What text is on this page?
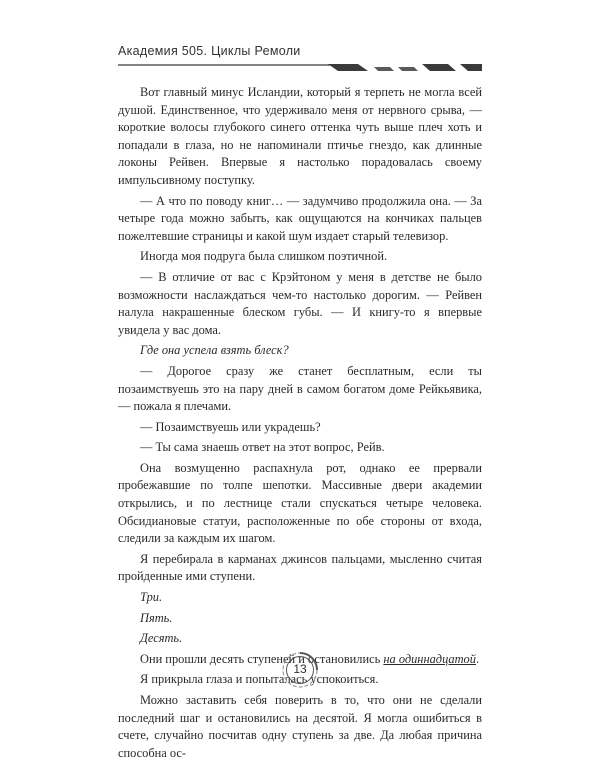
Академия 505. Циклы Ремоли

Вот главный минус Исландии, который я терпеть не могла всей душой. Единственное, что удерживало меня от нервного срыва, — короткие волосы глубокого синего оттенка чуть выше плеч хоть и попадали в глаза, но не напоминали птичье гнездо, как длинные локоны Рейвен. Впервые я настолько порадовалась своему импульсивному поступку.

— А что по поводу книг… — задумчиво продолжила она. — За четыре года можно забыть, как ощущаются на кончиках пальцев пожелтевшие страницы и какой шум издает старый телевизор.

Иногда моя подруга была слишком поэтичной.

— В отличие от вас с Крэйтоном у меня в детстве не было возможности наслаждаться чем-то настолько дорогим. — Рейвен налула накрашенные блеском губы. — И книгу-то я впервые увидела у вас дома.

Где она успела взять блеск?

— Дорогое сразу же станет бесплатным, если ты позаимствуешь это на пару дней в самом богатом доме Рейкьявика, — пожала я плечами.

— Позаимствуешь или украдешь?

— Ты сама знаешь ответ на этот вопрос, Рейв.

Она возмущенно распахнула рот, однако ее прервали пробежавшие по толпе шепотки. Массивные двери академии открылись, и по лестнице стали спускаться четыре человека. Обсидиановые статуи, расположенные по обе стороны от входа, следили за каждым их шагом.

Я перебирала в карманах джинсов пальцами, мысленно считая пройденные ими ступени.

Три.

Пять.

Десять.

Они прошли десять ступеней и остановились на одиннадцатой.

Я прикрыла глаза и попыталась успокоиться.

Можно заставить себя поверить в то, что они не сделали последний шаг и остановились на десятой. Я могла ошибиться в счете, случайно посчитав одну ступень за две. Да любая причина способна ос-

13
